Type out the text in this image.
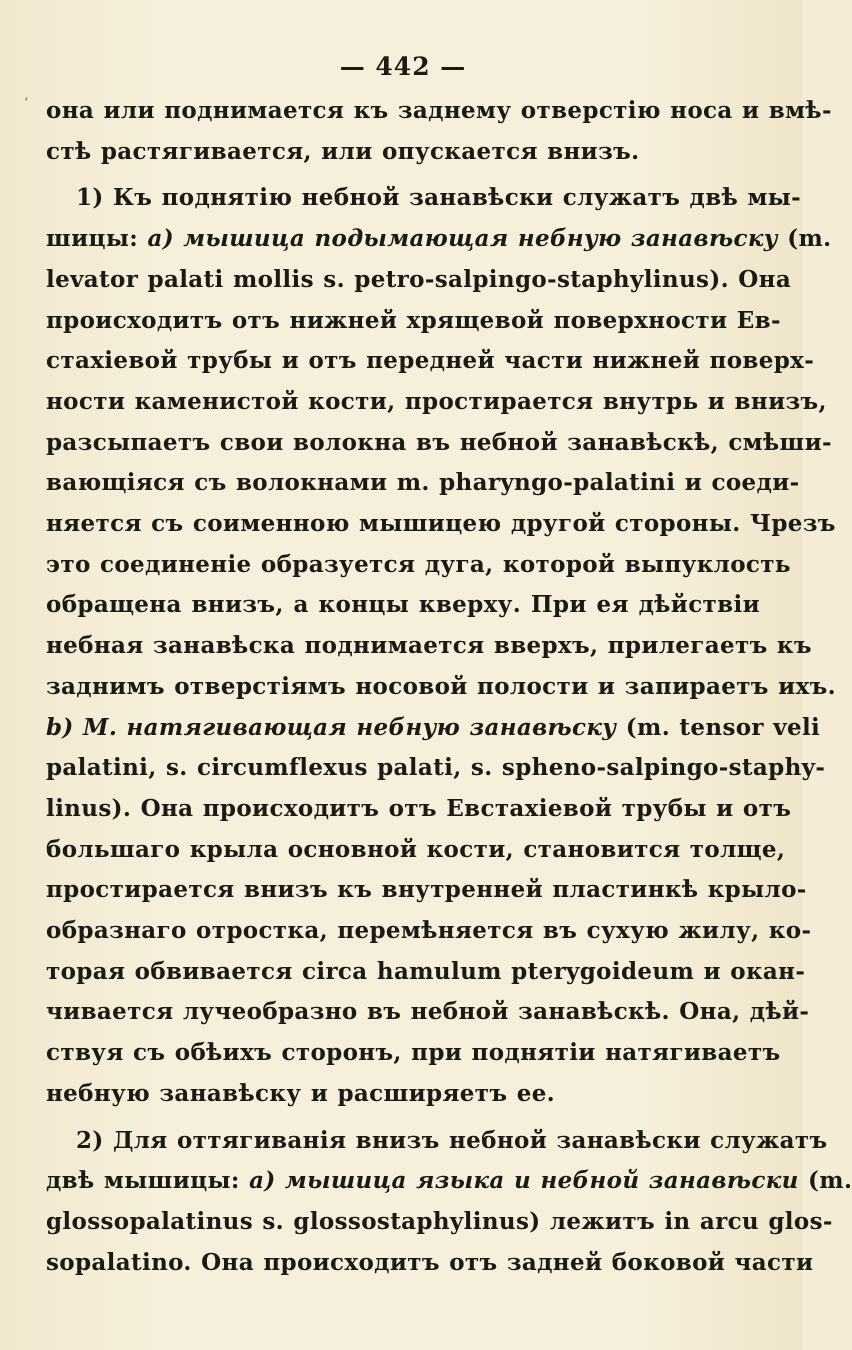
ʻ
— 442 —
она или поднимается къ заднему отверстію носа и вмѣ-
стѣ растягивается, или опускается внизъ.
1) Къ поднятію небной занавѣски служатъ двѣ мы-
шицы: a) мышица подымающая небную занавѣску (m.
levator palati mollis s. petro-salpingo-staphylinus). Она
происходитъ отъ нижней хрящевой поверхности Ев-
стахіевой трубы и отъ передней части нижней поверх-
ности каменистой кости, простирается внутрь и внизъ,
разсыпаетъ свои волокна въ небной занавѣскѣ, смѣши-
вающіяся съ волокнами m. pharyngo-palatini и соеди-
няется съ соименною мышицею другой стороны. Чрезъ
это соединеніе образуется дуга, которой выпуклость
обращена внизъ, а концы кверху. При ея дѣйствіи
небная занавѣска поднимается вверхъ, прилегаетъ къ
заднимъ отверстіямъ носовой полости и запираетъ ихъ.
b) M. натягивающая небную занавѣску (m. tensor veli
palatini, s. circumflexus palati, s. spheno-salpingo-staphy-
linus). Она происходитъ отъ Евстахіевой трубы и отъ
большаго крыла основной кости, становится толще,
простирается внизъ къ внутренней пластинкѣ крыло-
образнаго отростка, перемѣняется въ сухую жилу, ко-
торая обвивается circa hamulum pterygoideum и окан-
чивается лучеобразно въ небной занавѣскѣ. Она, дѣй-
ствуя съ обѣихъ сторонъ, при поднятіи натягиваетъ
небную занавѣску и расширяетъ ее.
2) Для оттягиванія внизъ небной занавѣски служатъ
двѣ мышицы: a) мышица языка и небной занавѣски (m.
glossopalatinus s. glossostaphylinus) лежитъ in arcu glos-
sopalatino. Она происходитъ отъ задней боковой части
